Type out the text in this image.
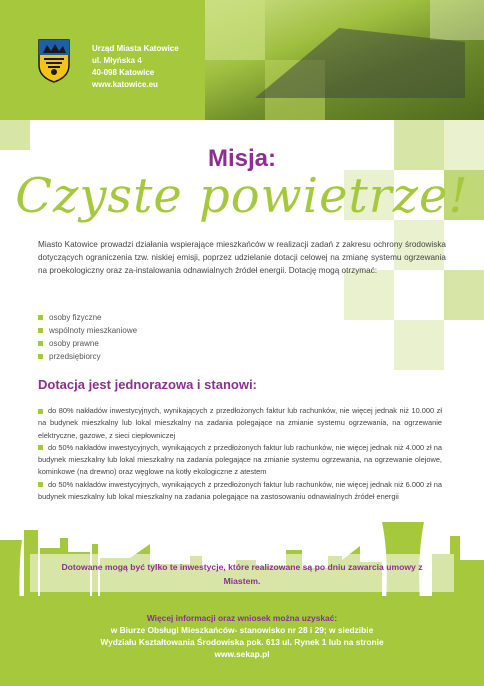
Urząd Miasta Katowice
ul. Młyńska 4
40-098 Katowice
www.katowice.eu
Misja:
Czyste powietrze!
Miasto Katowice prowadzi działania wspierające mieszkańców w realizacji zadań z zakresu ochrony środowiska dotyczących ograniczenia tzw. niskiej emisji, poprzez udzielanie dotacji celowej na zmianę systemu ogrzewania na proekologiczny oraz za-instalowania odnawialnych źródeł energii. Dotację mogą otrzymać:
osoby fizyczne
wspólnoty mieszkaniowe
osoby prawne
przedsiębiorcy
Dotacja jest jednorazowa i stanowi:
do 80% nakładów inwestycyjnych, wynikających z przedłożonych faktur lub rachunków, nie więcej jednak niż 10.000 zł na budynek mieszkalny lub lokal mieszkalny na zadania polegające na zmianie systemu ogrzewania, na ogrzewanie elektryczne, gazowe, z sieci ciepłowniczej
do 50% nakładów inwestycyjnych, wynikających z przedłożonych faktur lub rachunków, nie więcej jednak niż 4.000 zł na budynek mieszkalny lub lokal mieszkalny na zadania polegające na zmianie systemu ogrzewania, na ogrzewanie olejowe, kominkowe (na drewno) oraz węglowe na kotły ekologiczne z atestem
do 50% nakładów inwestycyjnych, wynikających z przedłożonych faktur lub rachunków, nie więcej jednak niż 6.000 zł na budynek mieszkalny lub lokal mieszkalny na zadania polegające na zastosowaniu odnawialnych źródeł energii
Dotowane mogą być tylko te inwestycje, które realizowane są po dniu zawarcia umowy z Miastem.
Więcej informacji oraz wniosek można uzyskać:
w Biurze Obsługi Mieszkańców- stanowisko nr 28 i 29; w siedzibie
Wydziału Kształtowania Środowiska pok. 613 ul. Rynek 1 lub na stronie
www.sekap.pl
